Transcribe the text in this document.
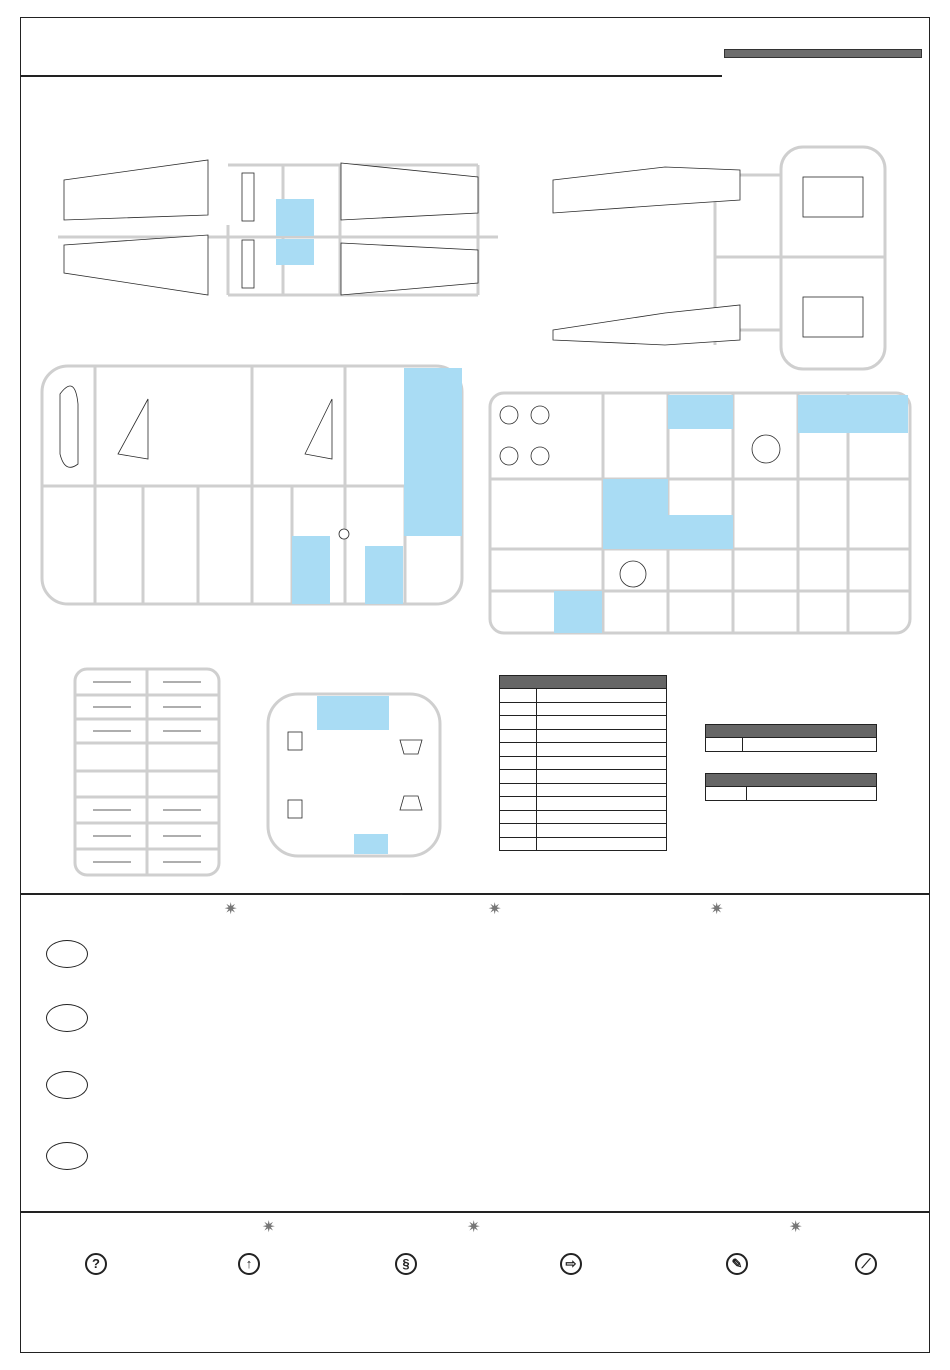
ˇ
✷	✷	✷
✷	✷	✷
?	↑	§	⇨	✎	⟋
